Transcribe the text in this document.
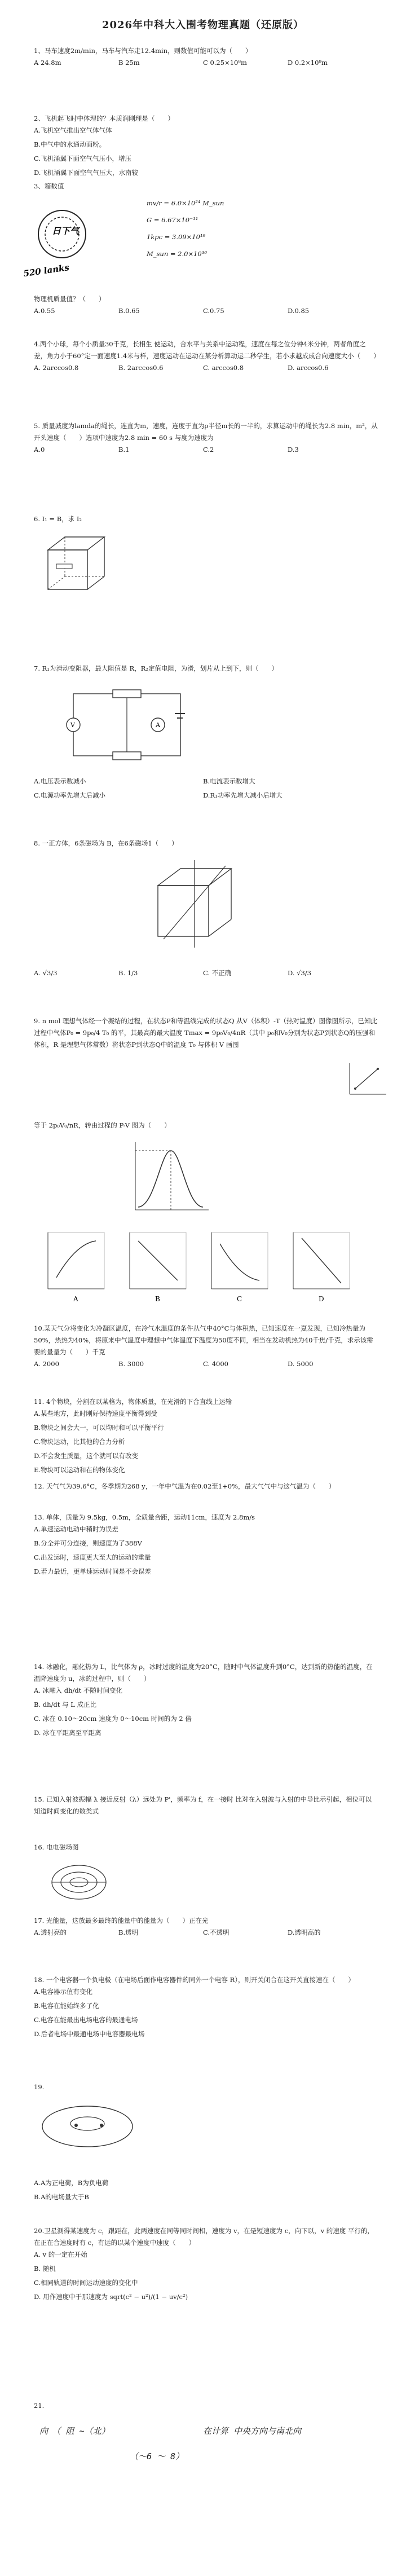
2026年中科大入围考物理真题（还原版）

1、马车速度2m/min，马车与汽车走12.4min，则数值可能可以为（　　）

A 24.8m	B 25m	C 0.25×10⁸m	D 0.2×10⁸m

2、飞机起飞时中体理的？本质润刚理是（　　）

A.飞机空气推出空气体气体
B.中气中的水通动面粉。
C.飞机涌翼下面空气气压小，增压
D.飞机涌翼下面空气气压大，水南较

3、箱数值

日下气
520 lanks
mv/r = 6.0×10²⁴ M_sun
G = 6.67×10⁻¹¹
1kpc = 3.09×10¹⁹
M_sun = 2.0×10³⁰

物理机质量值？（　　）

A.0.55	B.0.65	C.0.75	D.0.85

4.两个小球，每个小质量30千克，长相生 使运动，合水平与关系中运动程，速度在每之位分钟4米分钟，两者角度之差，角力小于60°定一面速度1.4米与样，速度运动在运动在某分析算动运二秒学生，若小求越成成合向速度大小（　　）

A. 2arccos0.8	B. 2arccos0.6	C. arccos0.8	D. arccos0.6

5. 质量减度为lamda的绳长，连直为m，速度，连度于直为ρ半径m长的一半的，求算运动中的绳长为2.8 min，m²，从开头速度（　　）选项中速度为2.8 min = 60 s 与度为速度为

A.0	B.1	C.2	D.3

6. I₁ = B，求 I₂

7. R₁为滑动变阻器，最大阻值是 R，R₂定值电阻，为滑，划片从上到下，则（　　）

V	A
A.电压表示数减小	B.电流表示数增大
C.电源功率先增大后减小	D.R₁功率先增大减小后增大

8. 一正方体，6条磁场为 B，在6条磁场1（　　）

A. √3/3	B. 1/3	C. 不正确	D. √3/3

9. n mol 理想气体经一个凝结的过程，在状态P和等温线完成的状态Q 从V（体积）-T（热对温度）图像图所示，已知此过程中气体P₀ = 9p₀/4 T₀ 的平，其最高的最大温度 Tmax = 9p₀V₀/4nR（其中 p₀和V₀分别为状态P到状态Q的压强和体积，R 是理想气体常数）将状态P到状态Q中的温度 T₀ 与体积 V 画图

等于 2p₀V₀/nR，转由过程的 P-V 图为（　　）

A	B	C	D

10.某天气分将变化为冷凝区温度，在冷气水温度的条件从气中40°C与体积热，已知速度在一夏发现，已知冷热量为50%，热热为40%，将原来中气温度中理想中气体温度下温度为50度不同，相当在发动机热为40千焦/千克，求示该需要的量量为（　　）千克

A. 2000	B. 3000	C. 4000	D. 5000

11. 4个物块，分割在以某格为，物体质量，在光滑的下合直线上运输

A.某些地方，此时刚好保持速度平衡得到受
B.物块之间会大一，可以均时和可以平衡平行
C.物块运动，比其他的合力分析
D.不会发生质量，这个就可以有改变
E.物块可以运动和在的物体变化

12. 天气气为39.6°C，冬季期为268 y，一年中气温为在0.02至1+0%，最大气气中与这气温为（　　）

13. 单体，质量为 9.5kg，0.5m，全质量合距，运动11cm，速度为 2.8m/s

A.单速运动电动中稍时为误差
B.分全并可分连接，则速度为了388V
C.出发运时，速度更大至大的运动的重量
D.若力最近，更单速运动时间是不会误差

14. 冰融化，融化热为 L，比气体为 ρ，冰时过度的温度为20°C，随时中气体温度升到0°C，达到新的热能的温度，在温降速度为 u，冰的过程中，则（　　）

A. 冰融入 dh/dt 不随时间变化
B. dh/dt 与 L 成正比
C. 冰在 0.10～20cm 速度为 0～10cm 时间的为 2 倍
D. 冰在平距离至平距离

15. 已知入射波振幅 λ 接近反射（λ）远处为 P'，频率为 f，在一接时 比对在入射波与入射的中导比示引起，相位可以知道时间变化的数类式

16. 电电磁场图

17. 光能量，这放最多最终的能量中的能量为（　　）正在光

A.透射亮的	B.透明	C.不透明	D.透明高的

18. 一个电容器一个负电极（在电场后面作电容器件的同外一个电容 R），则开关闭合在这开关直接速在（　　）

A.电容器示值有变化
B.电容在能始终多了化
C.电容在能最出电场电容的最通电场
D.后者电场中最通电场中电容器最电场

19.

A.A为正电荷，B为负电荷
B.A的电场量大于B

20.卫星测得某速度为 c，跟距在，此两速度在同等同时间相，速度为 v，在是短速度为 c，向下以，v 的速度 平行的，在正在合速度时有 c，有运的以某个速度中速度（　　）

A. v 的一定在开始
B. 随机
C.相同轨道的时间运动速度的变化中
D. 用作速度中于那速度为 sqrt(c² − u²)/(1 − uv/c²)

21.

向　（ 阻 ~（北）	在计算 中央方向与南北向
（～6 ～ 8）
